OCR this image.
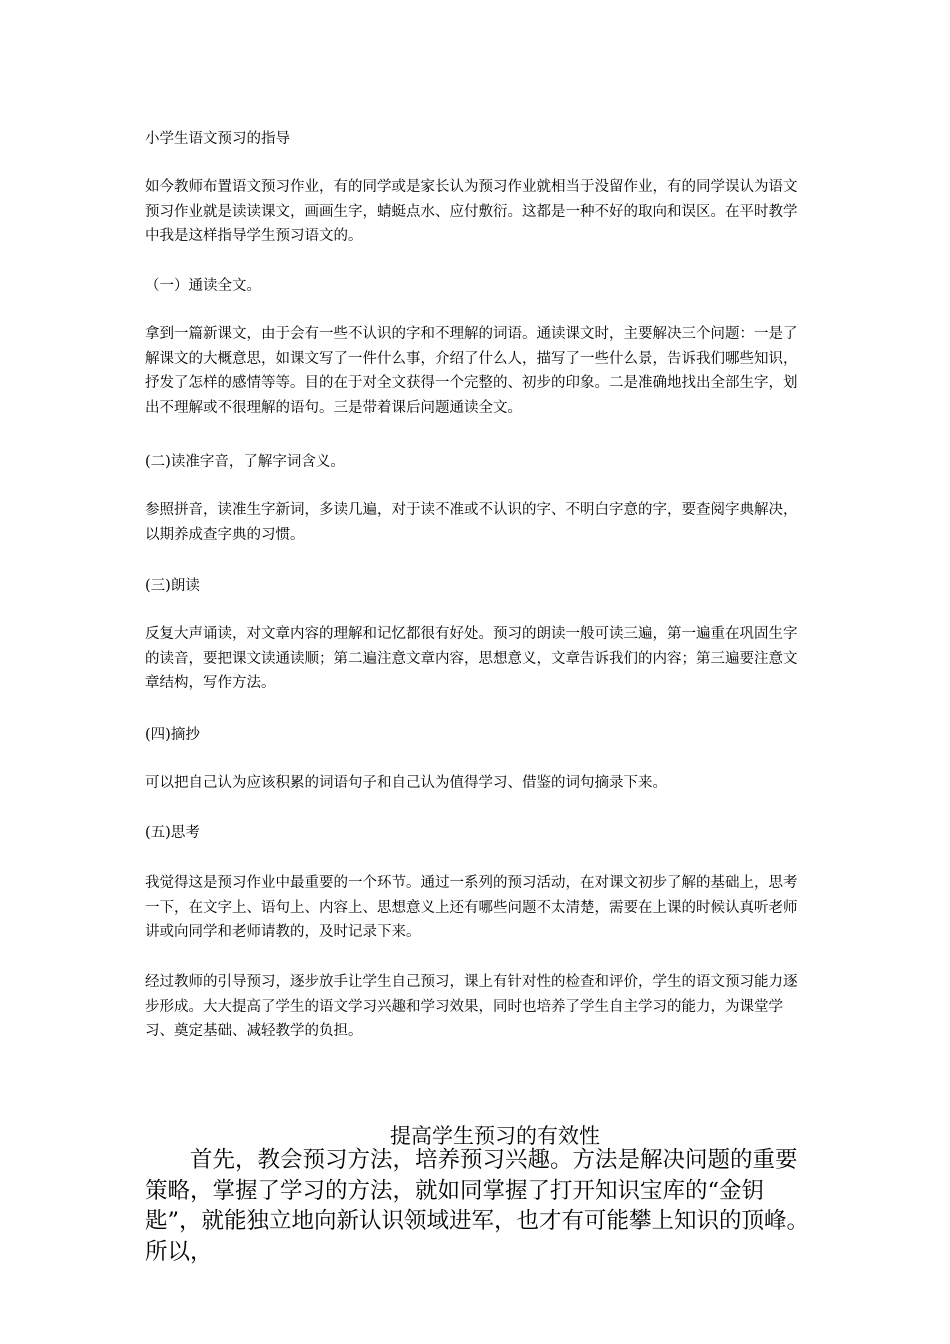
小学生语文预习的指导

如今教师布置语文预习作业，有的同学或是家长认为预习作业就相当于没留作业，有的同学误认为语文预习作业就是读读课文，画画生字，蜻蜓点水、应付敷衍。这都是一种不好的取向和误区。在平时教学中我是这样指导学生预习语文的。

（一）通读全文。

拿到一篇新课文，由于会有一些不认识的字和不理解的词语。通读课文时，主要解决三个问题：一是了解课文的大概意思，如课文写了一件什么事，介绍了什么人，描写了一些什么景，告诉我们哪些知识，抒发了怎样的感情等等。目的在于对全文获得一个完整的、初步的印象。二是准确地找出全部生字，划出不理解或不很理解的语句。三是带着课后问题通读全文。

(二)读准字音，了解字词含义。

参照拼音，读准生字新词，多读几遍，对于读不准或不认识的字、不明白字意的字，要查阅字典解决，以期养成查字典的习惯。

(三)朗读

反复大声诵读，对文章内容的理解和记忆都很有好处。预习的朗读一般可读三遍，第一遍重在巩固生字的读音，要把课文读通读顺；第二遍注意文章内容，思想意义，文章告诉我们的内容；第三遍要注意文章结构，写作方法。

(四)摘抄

可以把自己认为应该积累的词语句子和自己认为值得学习、借鉴的词句摘录下来。

(五)思考

我觉得这是预习作业中最重要的一个环节。通过一系列的预习活动，在对课文初步了解的基础上，思考一下，在文字上、语句上、内容上、思想意义上还有哪些问题不太清楚，需要在上课的时候认真听老师讲或向同学和老师请教的，及时记录下来。

经过教师的引导预习，逐步放手让学生自己预习，课上有针对性的检查和评价，学生的语文预习能力逐步形成。大大提高了学生的语文学习兴趣和学习效果，同时也培养了学生自主学习的能力，为课堂学习、奠定基础、减轻教学的负担。

提高学生预习的有效性

首先，教会预习方法，培养预习兴趣。方法是解决问题的重要策略，掌握了学习的方法，就如同掌握了打开知识宝库的“金钥匙”，就能独立地向新认识领域进军，也才有可能攀上知识的顶峰。所以，
